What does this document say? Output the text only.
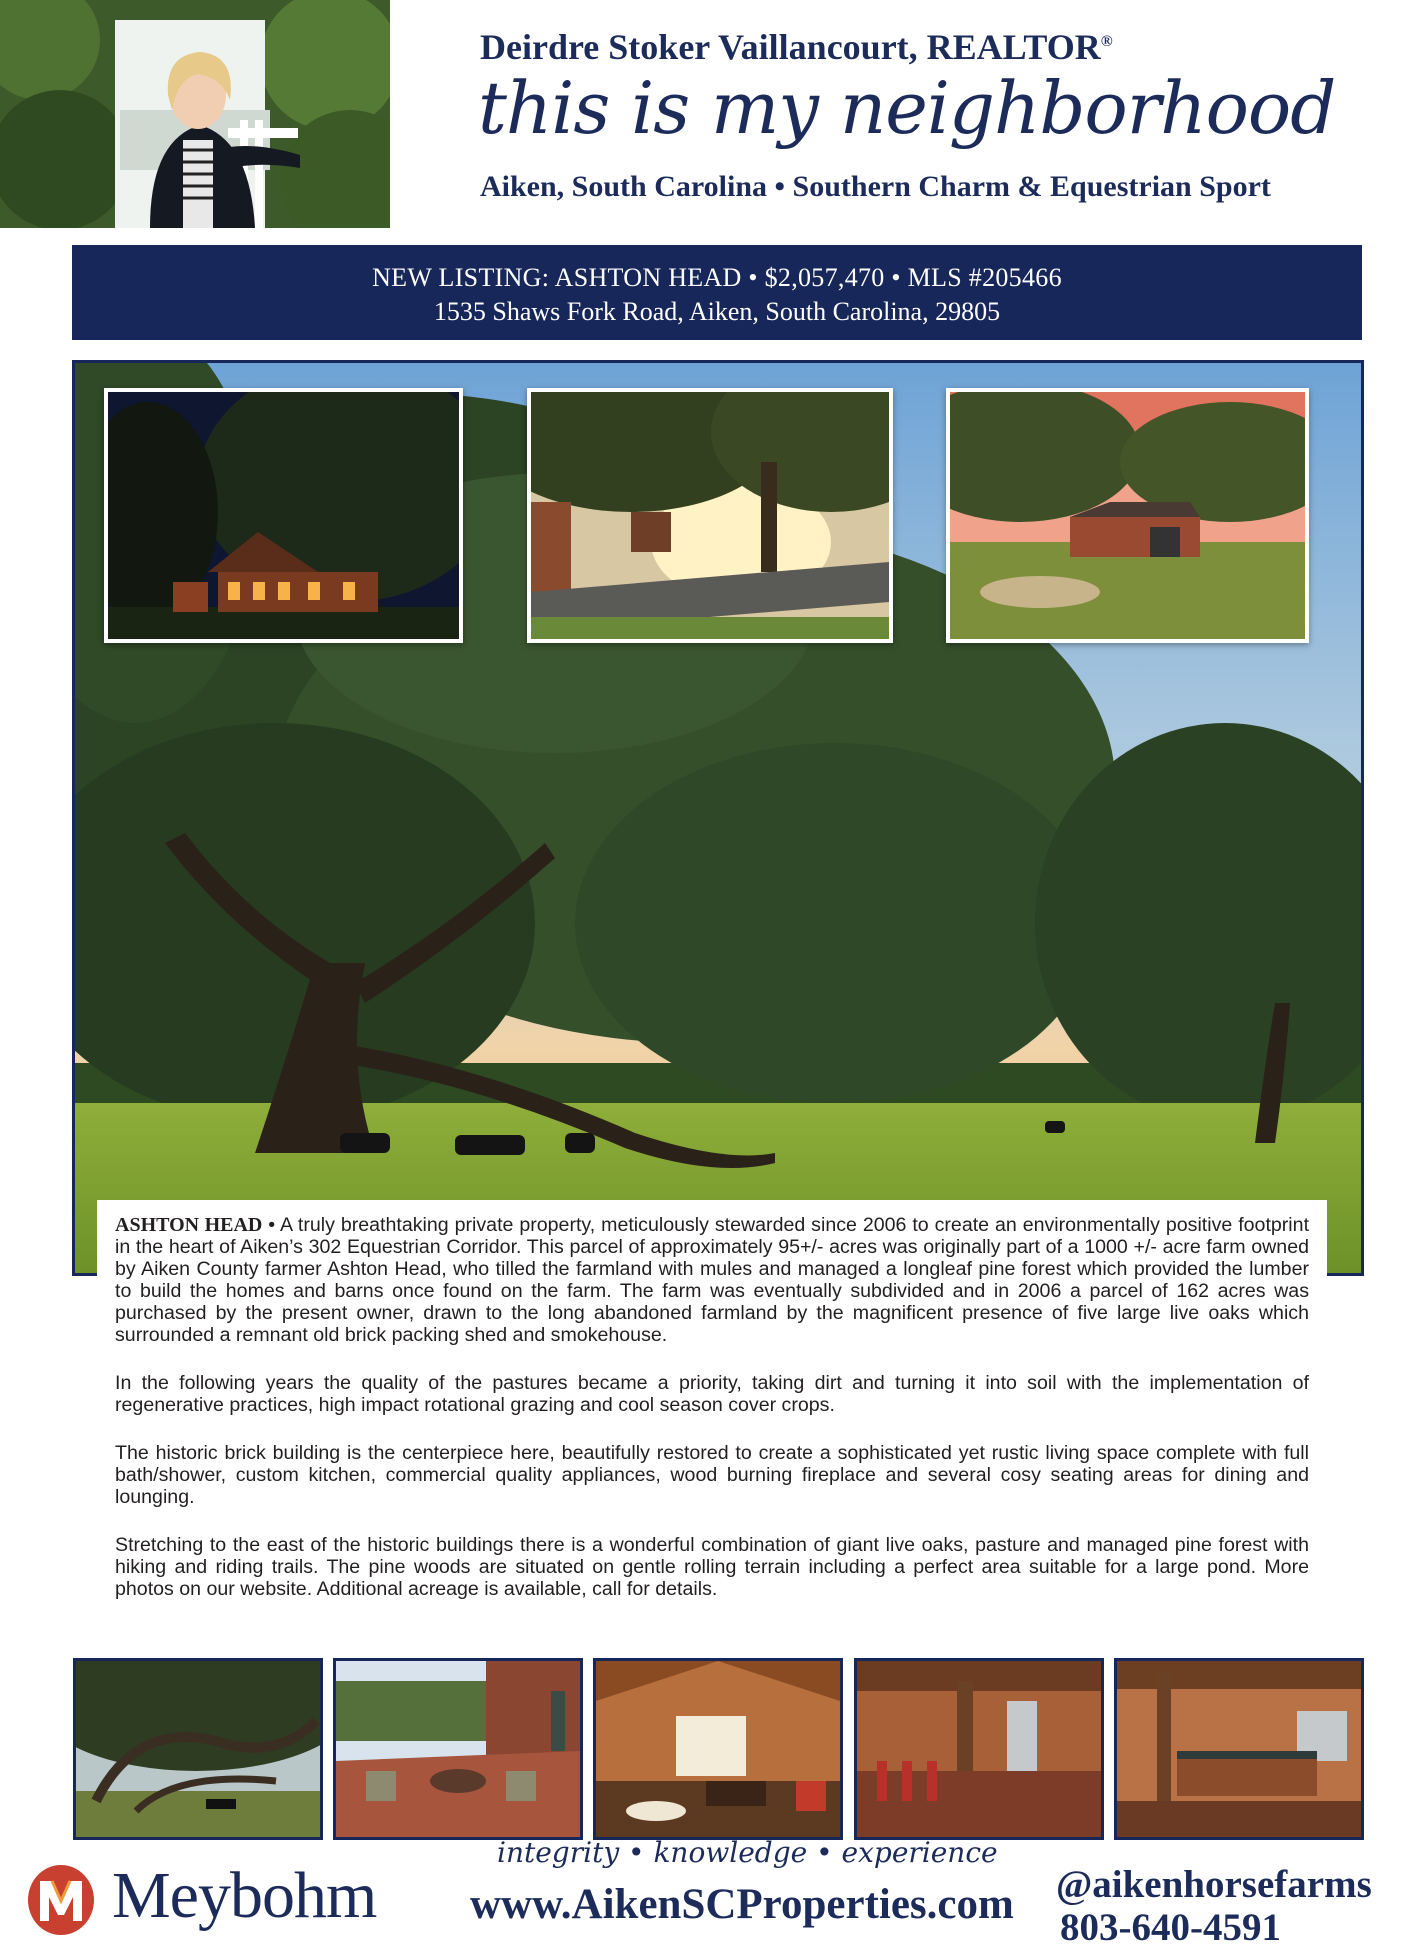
Deirdre Stoker Vaillancourt, REALTOR®
this is my neighborhood
Aiken, South Carolina • Southern Charm & Equestrian Sport
NEW LISTING: ASHTON HEAD • $2,057,470 • MLS #205466
1535 Shaws Fork Road, Aiken, South Carolina, 29805

ASHTON HEAD • A truly breathtaking private property, meticulously stewarded since 2006 to create an environmentally positive footprint in the heart of Aiken’s 302 Equestrian Corridor. This parcel of approximately 95+/- acres was originally part of a 1000 +/- acre farm owned by Aiken County farmer Ashton Head, who tilled the farmland with mules and managed a longleaf pine forest which provided the lumber to build the homes and barns once found on the farm. The farm was eventually subdivided and in 2006 a parcel of 162 acres was purchased by the present owner, drawn to the long abandoned farmland by the magnificent presence of five large live oaks which surrounded a remnant old brick packing shed and smokehouse.

In the following years the quality of the pastures became a priority, taking dirt and turning it into soil with the implementation of regenerative practices, high impact rotational grazing and cool season cover crops.

The historic brick building is the centerpiece here, beautifully restored to create a sophisticated yet rustic living space complete with full bath/shower, custom kitchen, commercial quality appliances, wood burning fireplace and several cosy seating areas for dining and lounging.

Stretching to the east of the historic buildings there is a wonderful combination of giant live oaks, pasture and managed pine forest with hiking and riding trails. The pine woods are situated on gentle rolling terrain including a perfect area suitable for a large pond. More photos on our website. Additional acreage is available, call for details.

integrity • knowledge • experience
Meybohm www.AikenSCProperties.com @aikenhorsefarms
803-640-4591
